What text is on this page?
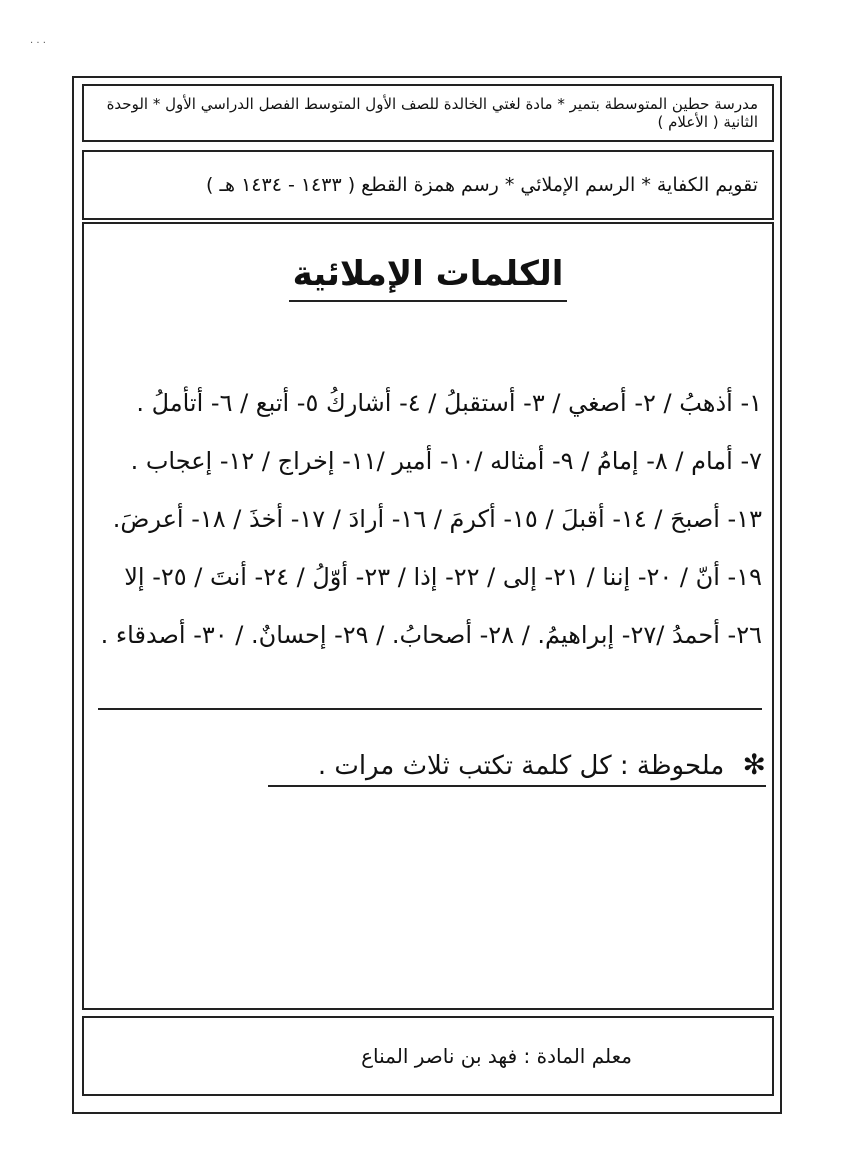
· · ·
مدرسة حطين المتوسطة بتمير * مادة لغتي الخالدة للصف الأول المتوسط الفصل الدراسي الأول * الوحدة الثانية ( الأعلام )
تقويم الكفاية * الرسم الإملائي * رسم همزة القطع ( ١٤٣٣ - ١٤٣٤ هـ )
الكلمات الإملائية
١- أذهبُ / ٢- أصغي / ٣- أستقبلُ / ٤- أشاركُ ٥- أتبع / ٦- أتأملُ .
٧- أمام / ٨- إمامُ / ٩- أمثاله /١٠- أمير /١١- إخراج / ١٢- إعجاب .
١٣- أصبحَ / ١٤- أقبلَ / ١٥- أكرمَ / ١٦- أرادَ / ١٧- أخذَ / ١٨- أعرضَ.
١٩- أنّ / ٢٠- إننا / ٢١- إلى / ٢٢- إذا / ٢٣- أوّلُ / ٢٤- أنتَ / ٢٥- إلا
٢٦- أحمدُ /٢٧- إبراهيمُ. / ٢٨- أصحابُ. / ٢٩- إحسانٌ. / ٣٠- أصدقاء .
✻ ملحوظة : كل كلمة تكتب ثلاث مرات .
معلم المادة : فهد بن ناصر المناع
